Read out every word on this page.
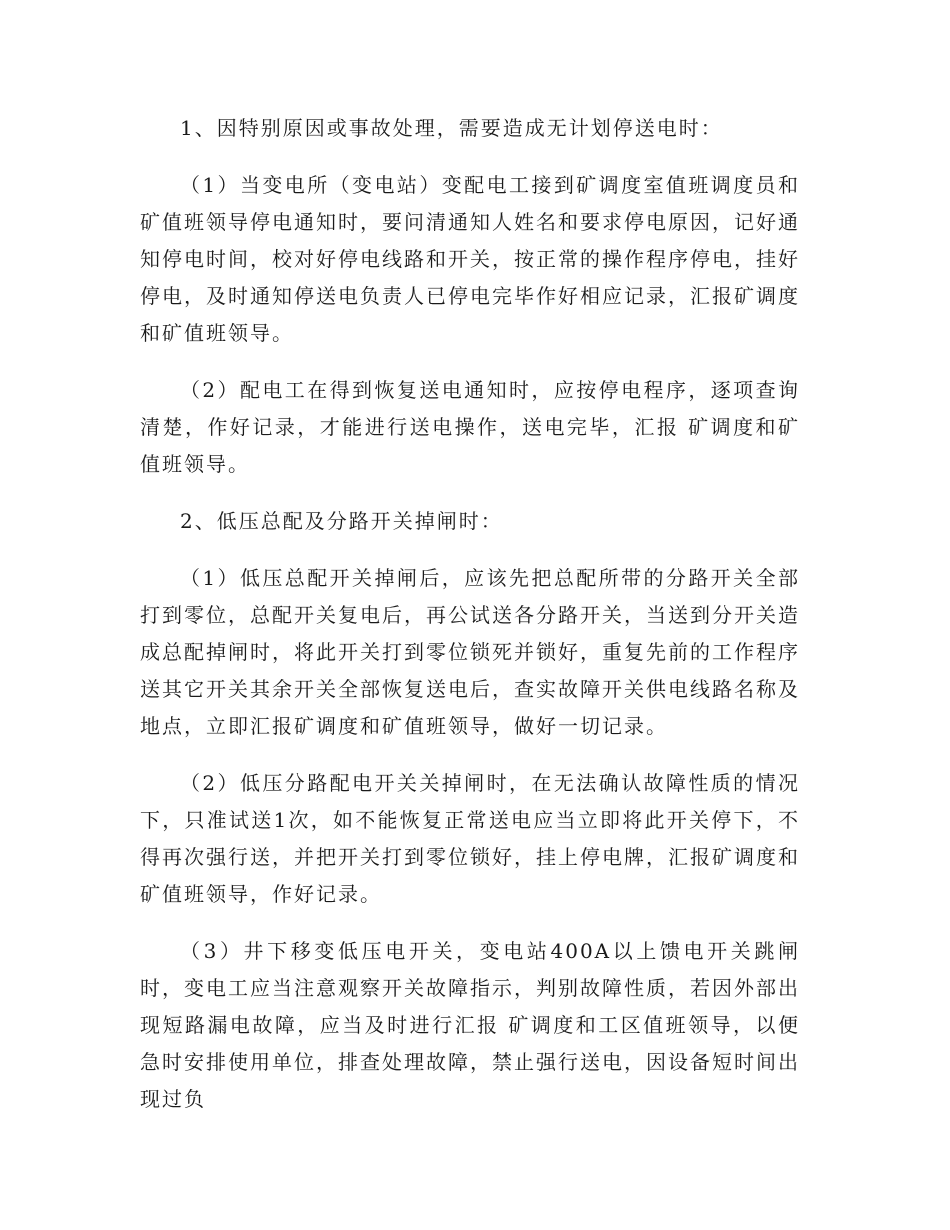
1、因特别原因或事故处理，需要造成无计划停送电时：

（1）当变电所（变电站）变配电工接到矿调度室值班调度员和矿值班领导停电通知时，要问清通知人姓名和要求停电原因，记好通知停电时间，校对好停电线路和开关，按正常的操作程序停电，挂好停电，及时通知停送电负责人已停电完毕作好相应记录，汇报矿调度和矿值班领导。

（2）配电工在得到恢复送电通知时，应按停电程序，逐项查询清楚，作好记录，才能进行送电操作，送电完毕，汇报 矿调度和矿值班领导。

2、低压总配及分路开关掉闸时：

（1）低压总配开关掉闸后，应该先把总配所带的分路开关全部打到零位，总配开关复电后，再公试送各分路开关，当送到分开关造成总配掉闸时，将此开关打到零位锁死并锁好，重复先前的工作程序送其它开关其余开关全部恢复送电后，查实故障开关供电线路名称及地点，立即汇报矿调度和矿值班领导，做好一切记录。

（2）低压分路配电开关关掉闸时，在无法确认故障性质的情况下，只准试送1次，如不能恢复正常送电应当立即将此开关停下，不得再次强行送，并把开关打到零位锁好，挂上停电牌，汇报矿调度和矿值班领导，作好记录。

（3）井下移变低压电开关，变电站400A以上馈电开关跳闸时，变电工应当注意观察开关故障指示，判别故障性质，若因外部出现短路漏电故障，应当及时进行汇报 矿调度和工区值班领导，以便急时安排使用单位，排查处理故障，禁止强行送电，因设备短时间出现过负
